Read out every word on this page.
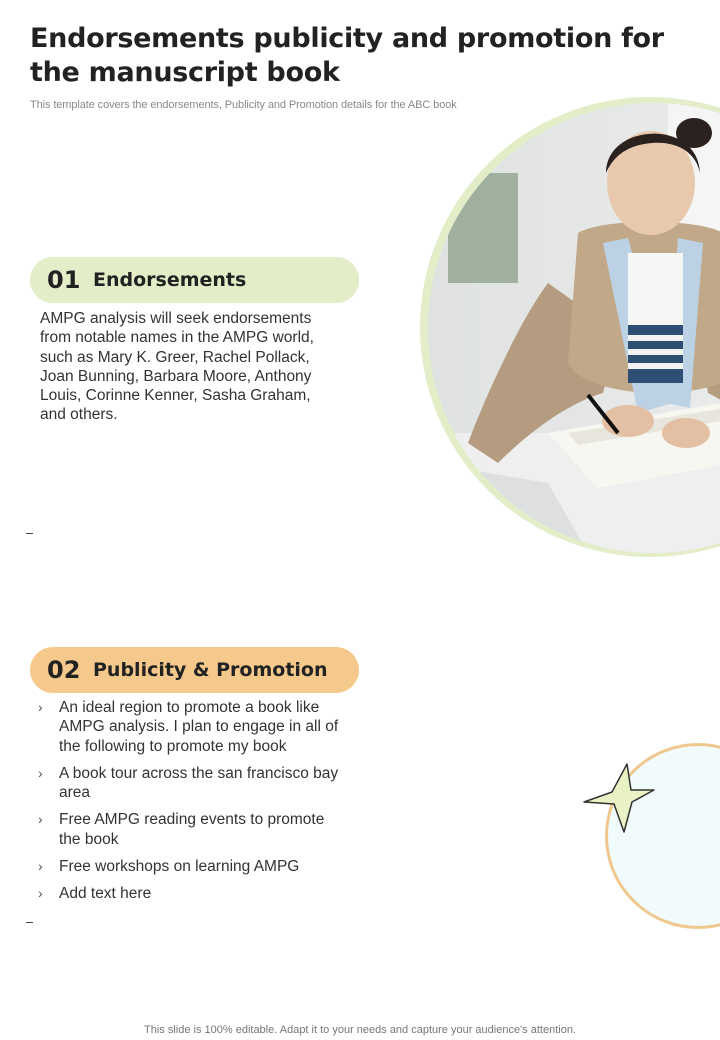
Endorsements publicity and promotion for the manuscript book
This template covers the endorsements, Publicity and Promotion details for the ABC book
01 Endorsements

AMPG analysis will seek endorsements from notable names in the AMPG world, such as Mary K. Greer, Rachel Pollack, Joan Bunning, Barbara Moore, Anthony Louis, Corinne Kenner, Sasha Graham, and others.

02 Publicity & Promotion
›	An ideal region to promote a book like AMPG analysis. I plan to engage in all of the following to promote my book
›	A book tour across the san francisco bay area
›	Free AMPG reading events to promote the book
›	Free workshops on learning AMPG
›	Add text here
This slide is 100% editable. Adapt it to your needs and capture your audience's attention.
